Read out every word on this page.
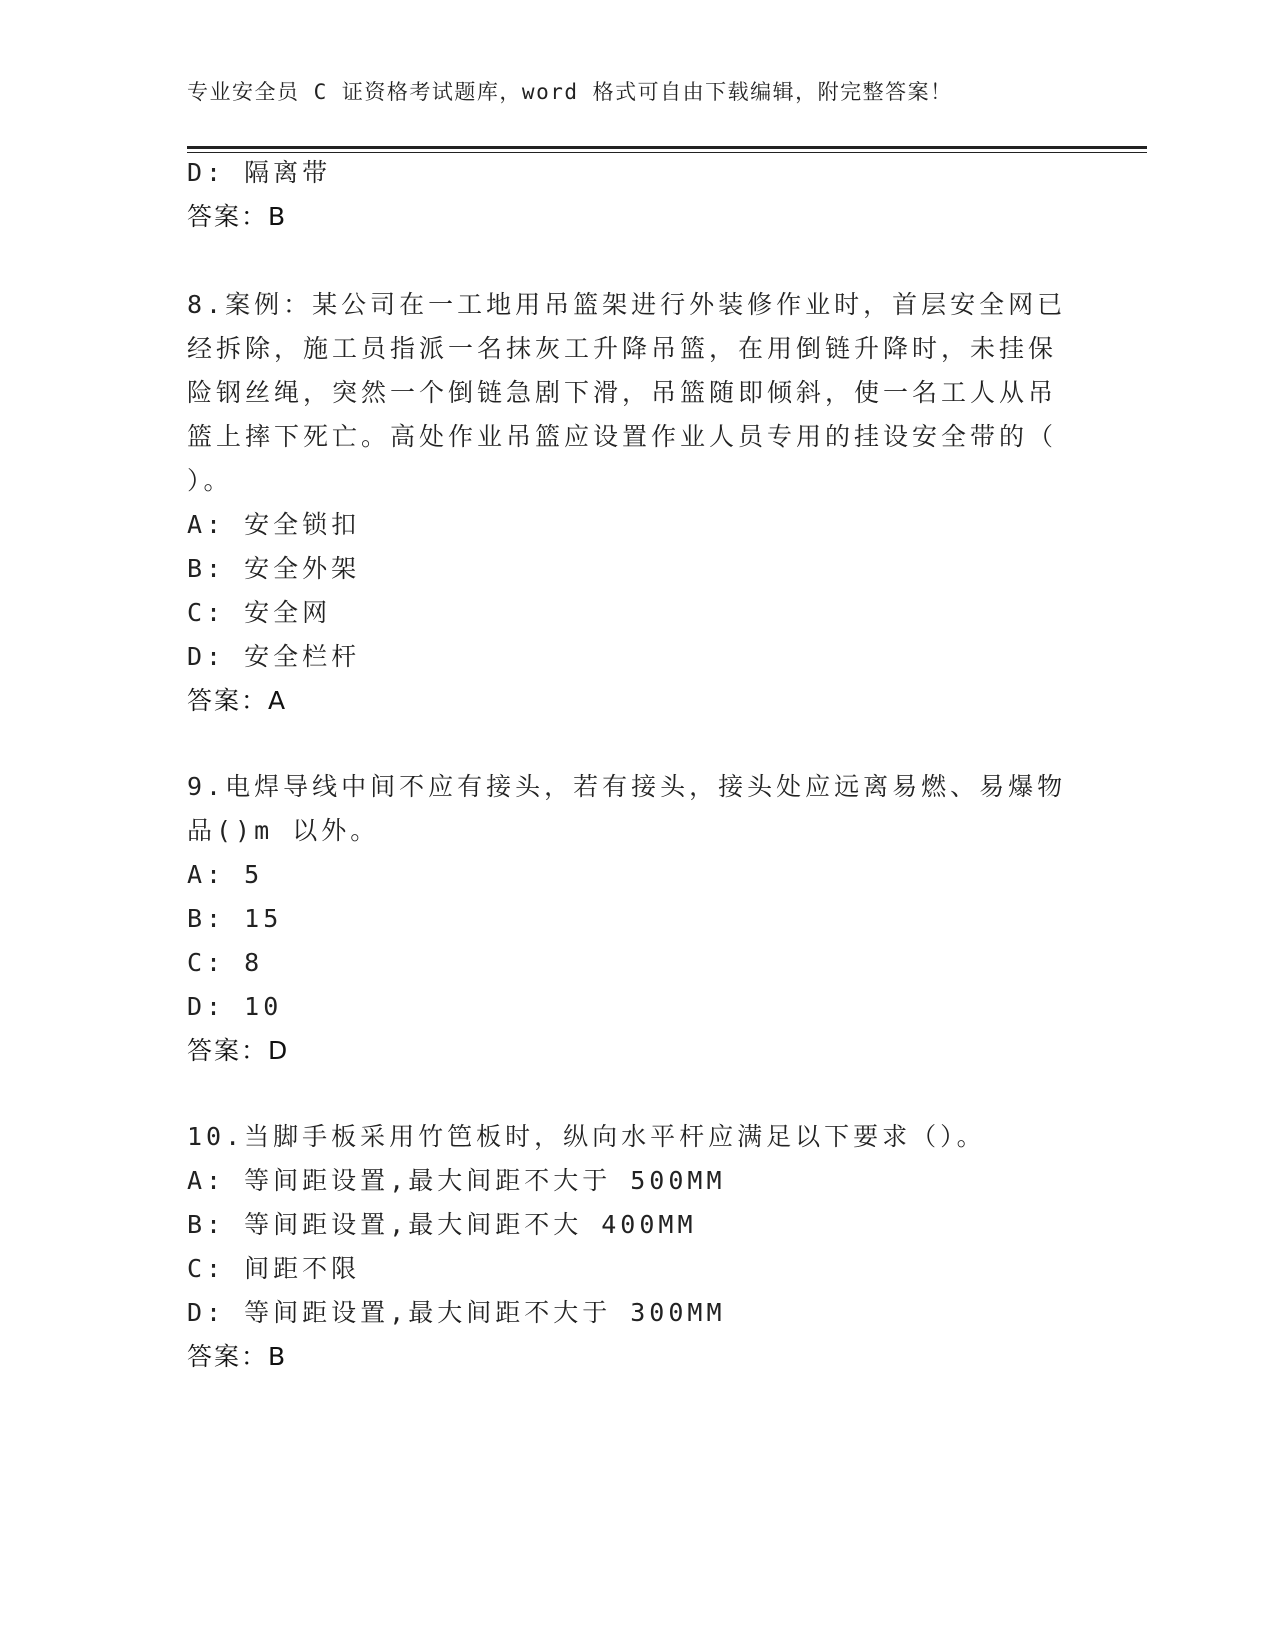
专业安全员 C 证资格考试题库，word 格式可自由下载编辑，附完整答案！
D: 隔离带
答案：B
8.案例：某公司在一工地用吊篮架进行外装修作业时，首层安全网已
经拆除，施工员指派一名抹灰工升降吊篮，在用倒链升降时，未挂保
险钢丝绳，突然一个倒链急剧下滑，吊篮随即倾斜，使一名工人从吊
篮上摔下死亡。高处作业吊篮应设置作业人员专用的挂设安全带的（
）。
A: 安全锁扣
B: 安全外架
C: 安全网
D: 安全栏杆
答案：A
9.电焊导线中间不应有接头，若有接头，接头处应远离易燃、易爆物
品()m 以外。
A: 5
B: 15
C: 8
D: 10
答案：D
10.当脚手板采用竹笆板时，纵向水平杆应满足以下要求（）。
A: 等间距设置,最大间距不大于 500MM
B: 等间距设置,最大间距不大 400MM
C: 间距不限
D: 等间距设置,最大间距不大于 300MM
答案：B
